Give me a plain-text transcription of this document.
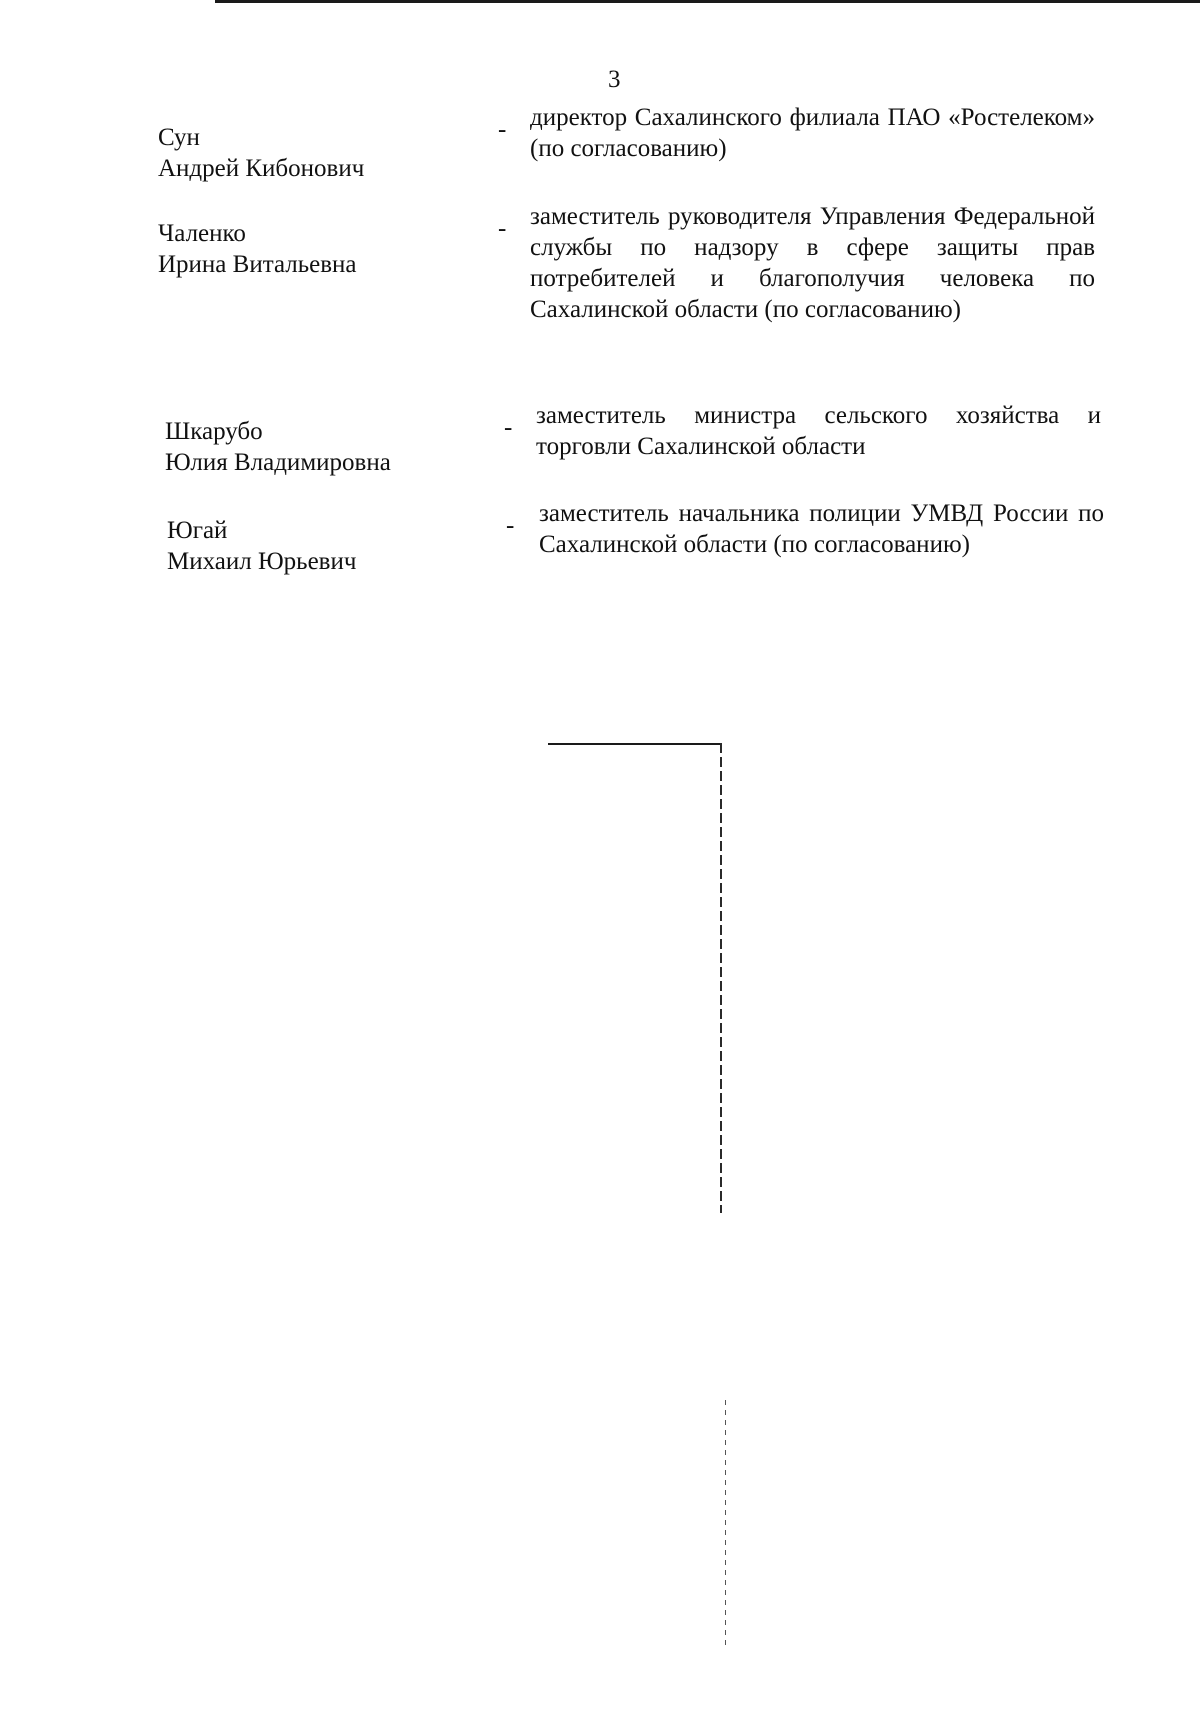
3
Сун
Андрей Кибонович
- директор Сахалинского филиала ПАО «Ростелеком» (по согласованию)
Чаленко
Ирина Витальевна
- заместитель руководителя Управления Федеральной службы по надзору в сфере защиты прав потребителей и благополучия человека по Сахалинской области (по согласованию)
Шкарубо
Юлия Владимировна
- заместитель министра сельского хозяйства и торговли Сахалинской области
Югай
Михаил Юрьевич
- заместитель начальника полиции УМВД России по Сахалинской области (по согласованию)
